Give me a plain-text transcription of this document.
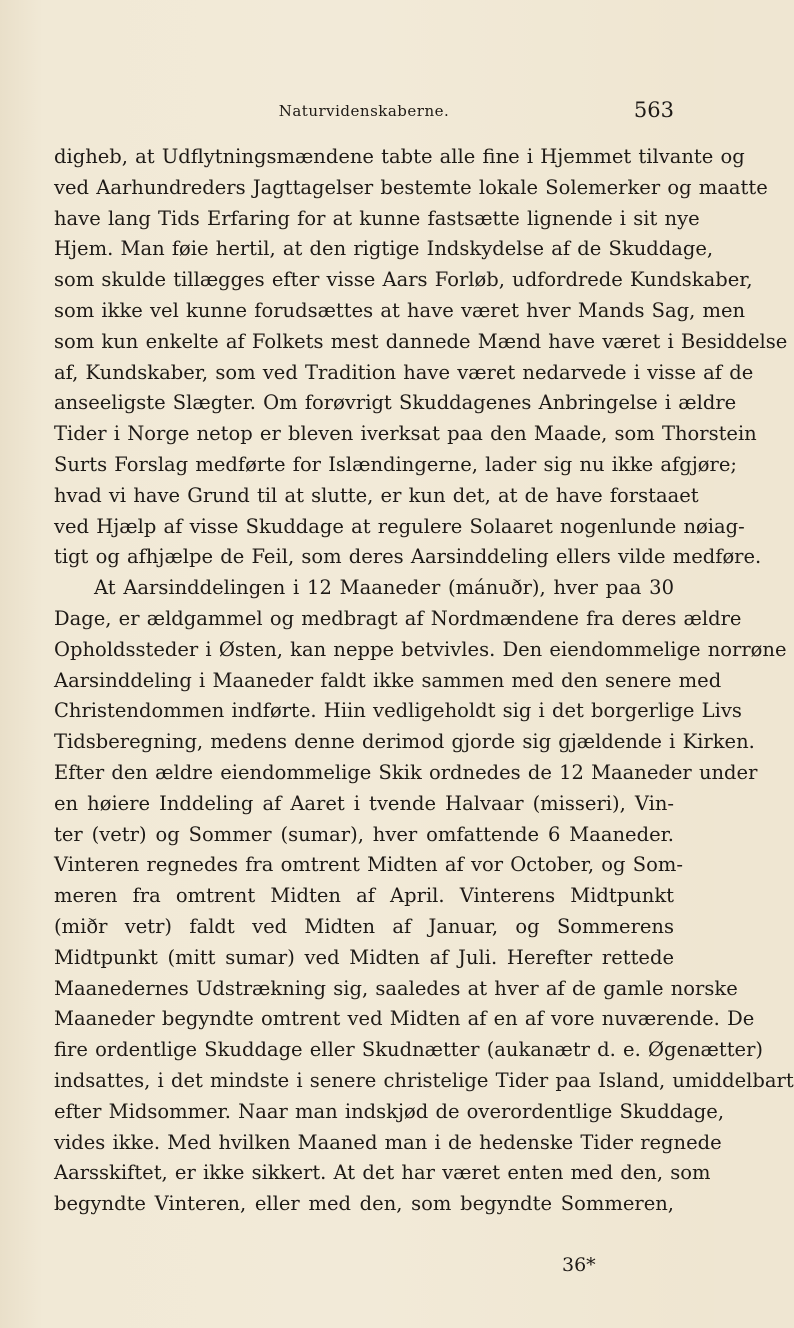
Naturvidenskaberne.	563
digheb, at Udflytningsmændene tabte alle fine i Hjemmet tilvante og
ved Aarhundreders Jagttagelser bestemte lokale Solemerker og maatte
have lang Tids Erfaring for at kunne fastsætte lignende i sit nye
Hjem. Man føie hertil, at den rigtige Indskydelse af de Skuddage,
som skulde tillægges efter visse Aars Forløb, udfordrede Kundskaber,
som ikke vel kunne forudsættes at have været hver Mands Sag, men
som kun enkelte af Folkets mest dannede Mænd have været i Besiddelse
af, Kundskaber, som ved Tradition have været nedarvede i visse af de
anseeligste Slægter. Om forøvrigt Skuddagenes Anbringelse i ældre
Tider i Norge netop er bleven iverksat paa den Maade, som Thorstein
Surts Forslag medførte for Islændingerne, lader sig nu ikke afgjøre;
hvad vi have Grund til at slutte, er kun det, at de have forstaaet
ved Hjælp af visse Skuddage at regulere Solaaret nogenlunde nøiag-
tigt og afhjælpe de Feil, som deres Aarsinddeling ellers vilde medføre.
At Aarsinddelingen i 12 Maaneder (mánuðr), hver paa 30
Dage, er ældgammel og medbragt af Nordmændene fra deres ældre
Opholdssteder i Østen, kan neppe betvivles. Den eiendommelige norrøne
Aarsinddeling i Maaneder faldt ikke sammen med den senere med
Christendommen indførte. Hiin vedligeholdt sig i det borgerlige Livs
Tidsberegning, medens denne derimod gjorde sig gjældende i Kirken.
Efter den ældre eiendommelige Skik ordnedes de 12 Maaneder under
en høiere Inddeling af Aaret i tvende Halvaar (misseri), Vin-
ter (vetr) og Sommer (sumar), hver omfattende 6 Maaneder.
Vinteren regnedes fra omtrent Midten af vor October, og Som-
meren fra omtrent Midten af April. Vinterens Midtpunkt
(miðr vetr) faldt ved Midten af Januar, og Sommerens
Midtpunkt (mitt sumar) ved Midten af Juli. Herefter rettede
Maanedernes Udstrækning sig, saaledes at hver af de gamle norske
Maaneder begyndte omtrent ved Midten af en af vore nuværende. De
fire ordentlige Skuddage eller Skudnætter (aukanætr d. e. Øgenætter)
indsattes, i det mindste i senere christelige Tider paa Island, umiddelbart
efter Midsommer. Naar man indskjød de overordentlige Skuddage,
vides ikke. Med hvilken Maaned man i de hedenske Tider regnede
Aarsskiftet, er ikke sikkert. At det har været enten med den, som
begyndte Vinteren, eller med den, som begyndte Sommeren,
36*
